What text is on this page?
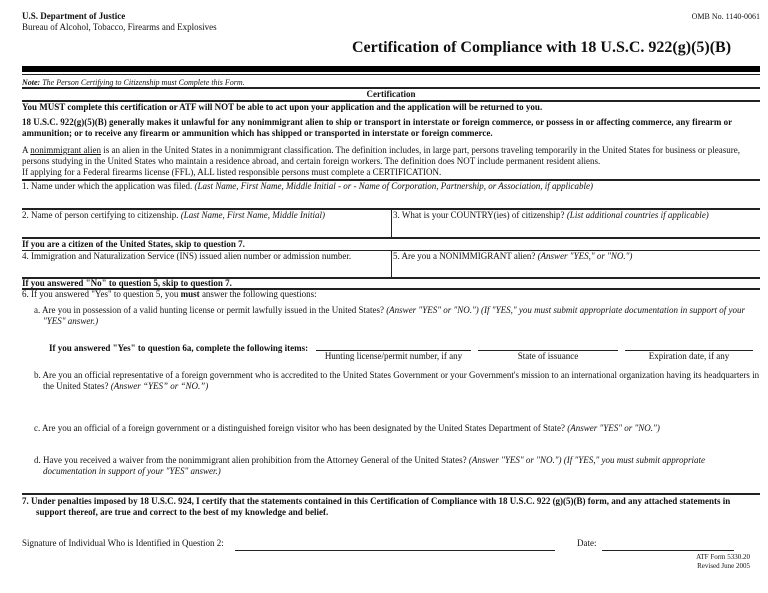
U.S. Department of Justice
Bureau of Alcohol, Tobacco, Firearms and Explosives
OMB No. 1140-0061
Certification of Compliance with 18 U.S.C. 922(g)(5)(B)
Note: The Person Certifying to Citizenship must Complete this Form.
Certification
You MUST complete this certification or ATF will NOT be able to act upon your application and the application will be returned to you.
18 U.S.C. 922(g)(5)(B) generally makes it unlawful for any nonimmigrant alien to ship or transport in interstate or foreign commerce, or possess in or affecting commerce, any firearm or ammunition; or to receive any firearm or ammunition which has shipped or transported in interstate or foreign commerce.
A nonimmigrant alien is an alien in the United States in a nonimmigrant classification. The definition includes, in large part, persons traveling temporarily in the United States for business or pleasure, persons studying in the United States who maintain a residence abroad, and certain foreign workers. The definition does NOT include permanent resident aliens.
If applying for a Federal firearms license (FFL), ALL listed responsible persons must complete a CERTIFICATION.
1. Name under which the application was filed. (Last Name, First Name, Middle Initial - or - Name of Corporation, Partnership, or Association, if applicable)
2. Name of person certifying to citizenship. (Last Name, First Name, Middle Initial)	3. What is your COUNTRY(ies) of citizenship? (List additional countries if applicable)
If you are a citizen of the United States, skip to question 7.
4. Immigration and Naturalization Service (INS) issued alien number or admission number.	5. Are you a NONIMMIGRANT alien? (Answer "YES," or "NO.")
If you answered "No" to question 5, skip to question 7.
6. If you answered "Yes" to question 5, you must answer the following questions:
a. Are you in possession of a valid hunting license or permit lawfully issued in the United States? (Answer "YES" or "NO.") (If "YES," you must submit appropriate documentation in support of your "YES" answer.)
If you answered "Yes" to question 6a, complete the following items:
Hunting license/permit number, if any	State of issuance	Expiration date, if any
b. Are you an official representative of a foreign government who is accredited to the United States Government or your Government's mission to an international organization having its headquarters in the United States? (Answer “YES” or “NO.”)
c. Are you an official of a foreign government or a distinguished foreign visitor who has been designated by the United States Department of State? (Answer "YES" or "NO.")
d. Have you received a waiver from the nonimmigrant alien prohibition from the Attorney General of the United States? (Answer "YES" or "NO.") (If "YES," you must submit appropriate documentation in support of your "YES" answer.)
7. Under penalties imposed by 18 U.S.C. 924, I certify that the statements contained in this Certification of Compliance with 18 U.S.C. 922 (g)(5)(B) form, and any attached statements in support thereof, are true and correct to the best of my knowledge and belief.
Signature of Individual Who is Identified in Question 2:	Date:
ATF Form 5330.20
Revised June 2005
